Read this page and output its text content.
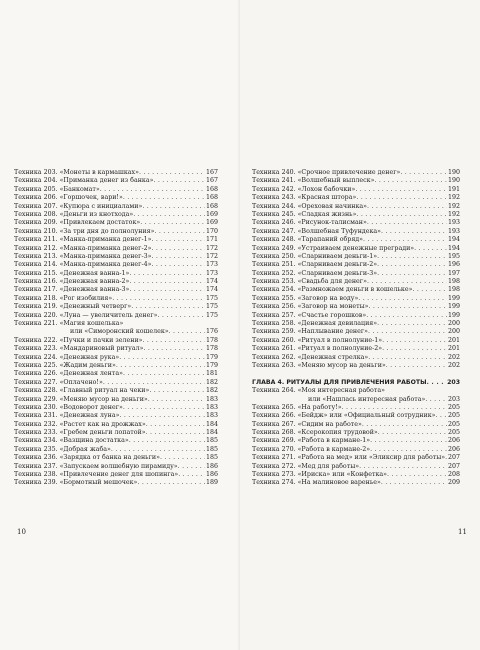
Техника 203. «Монеты в кармашках» . . .	167
Техника 204. «Приманка денег из банка» . . .	167
Техника 205. «Банкомат» . . .	168
Техника 206. «Горшочек, вари!» . . .	168
Техника 207. «Купюра с инициалами» . . .	168
Техника 208. «Деньги из кнотхода» . . .	169
Техника 209. «Привлекаем достаток» . . .	169
Техника 210. «За три дня до полнолуния» . . .	170
Техника 211. «Манка-приманка денег-1» . . .	171
Техника 212. «Манка-приманка денег-2» . . .	172
Техника 213. «Манка-приманка денег-3» . . .	172
Техника 214. «Манка-приманка денег-4» . . .	173
Техника 215. «Денежная ванна-1» . . .	173
Техника 216. «Денежная ванна-2» . . .	174
Техника 217. «Денежная ванна-3» . . .	174
Техника 218. «Рог изобилия» . . .	175
Техника 219. «Денежный четверг» . . .	175
Техника 220. «Луна — увеличитель денег» . . .	175
Техника 221. «Магия кошелька»
или «Симоронский кошелек» . . .	176
Техника 222. «Пучки и пачки зелени» . . .	178
Техника 223. «Мандариновый ритуал» . . .	178
Техника 224. «Денежная рука» . . .	179
Техника 225. «Жадим деньги» . . .	179
Техника 226. «Денежная лента» . . .	181
Техника 227. «Оплачено!» . . .	182
Техника 228. «Главный ритуал на чеки» . . .	182
Техника 229. «Меняю мусор на деньги» . . .	183
Техника 230. «Водоворот денег» . . .	183
Техника 231. «Денежная луна» . . .	183
Техника 232. «Растет как на дрожжах» . . .	184
Техника 233. «Гребем деньги лопатой» . . .	184
Техника 234. «Вазщина достатка» . . .	185
Техника 235. «Добрая жаба» . . .	185
Техника 236. «Зарядка от банка на деньги» . . .	185
Техника 237. «Запускаем волшебную пирамиду» . . .	186
Техника 238. «Привлечение денег для шопинга» . . .	186
Техника 239. «Бормотный мешочек» . . .	189
10
Техника 240. «Срочное привлечение денег» . . .	190
Техника 241. «Волшебный выплеск» . . .	190
Техника 242. «Лохон бабочки» . . .	191
Техника 243. «Красная штора» . . .	192
Техника 244. «Ореховая начинка» . . .	192
Техника 245. «Сладкая жизнь» . . .	192
Техника 246. «Рисунок-талисман» . . .	193
Техника 247. «Волшебная Туфундека» . . .	193
Техника 248. «Тарапаний обряд» . . .	194
Техника 249. «Устраиваем денежные прегради» . . .	194
Техника 250. «Сларниваем деньги-1» . . .	195
Техника 251. «Сларниваем деньги-2» . . .	196
Техника 252. «Сларниваем деньги-3» . . .	197
Техника 253. «Свадьба для денег» . . .	198
Техника 254. «Размножаем деньги в кошельке» . . .	198
Техника 255. «Заговор на воду» . . .	199
Техника 256. «Заговор на монеты» . . .	199
Техника 257. «Счастье горошков» . . .	199
Техника 258. «Денежная девилация» . . .	200
Техника 259. «Наплывание денег» . . .	200
Техника 260. «Ритуал в полнолуние-1» . . .	201
Техника 261. «Ритуал в полнолуние-2» . . .	201
Техника 262. «Денежная стрелка» . . .	202
Техника 263. «Меняю мусор на деньги» . . .	202
ГЛАВА 4. РИТУАЛЫ ДЛЯ ПРИВЛЕЧЕНИЯ РАБОТЫ . . .	203
Техника 264. «Моя интересная работа»
или «Нашлась интересная работа» . . .	203
Техника 265. «На работу!» . . .	205
Техника 266. «Бейдж» или «Официальный сотрудник» . . . 205
Техника 267. «Сидим на работе» . . .	205
Техника 268. «Ксерокопия трудовой» . . .	205
Техника 269. «Работа в кармане-1» . . .	206
Техника 270. «Работа в кармане-2» . . .	206
Техника 271. «Работа на мед» или «Эликсир для работы» . . . 207
Техника 272. «Мед для работы» . . .	207
Техника 273. «Ириска» или «Конфетка» . . .	208
Техника 274. «На малиновое варенье» . . .	209
11
